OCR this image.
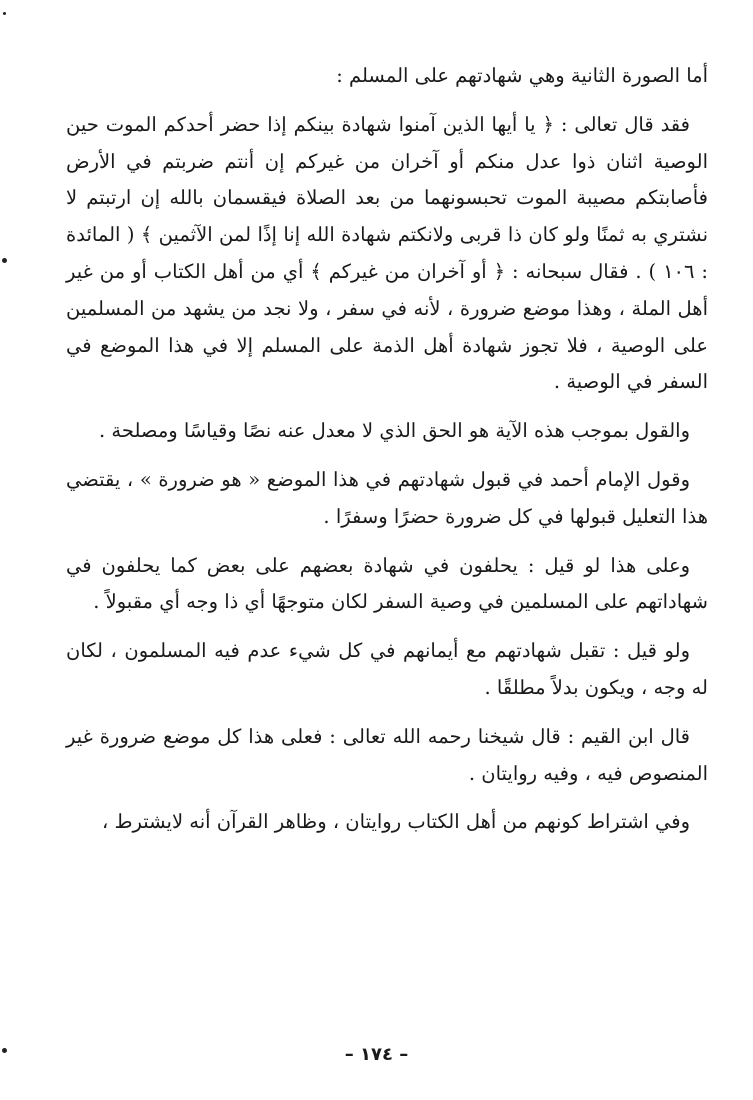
أما الصورة الثانية وهي شهادتهم على المسلم :

فقد قال تعالى : ﴿ يا أيها الذين آمنوا شهادة بينكم إذا حضر أحدكم الموت حين الوصية اثنان ذوا عدل منكم أو آخران من غيركم إن أنتم ضربتم في الأرض فأصابتكم مصيبة الموت تحبسونهما من بعد الصلاة فيقسمان بالله إن ارتبتم لا نشتري به ثمنًا ولو كان ذا قربى ولانكتم شهادة الله إنا إذًا لمن الآثمين ﴾ ( المائدة : ١٠٦ ) . فقال سبحانه : ﴿ أو آخران من غيركم ﴾ أي من أهل الكتاب أو من غير أهل الملة ، وهذا موضع ضرورة ، لأنه في سفر ، ولا نجد من يشهد من المسلمين على الوصية ، فلا تجوز شهادة أهل الذمة على المسلم إلا في هذا الموضع في السفر في الوصية .

والقول بموجب هذه الآية هو الحق الذي لا معدل عنه نصًا وقياسًا ومصلحة .

وقول الإمام أحمد في قبول شهادتهم في هذا الموضع « هو ضرورة » ، يقتضي هذا التعليل قبولها في كل ضرورة حضرًا وسفرًا .

وعلى هذا لو قيل : يحلفون في شهادة بعضهم على بعض كما يحلفون في شهاداتهم على المسلمين في وصية السفر لكان متوجهًا أي ذا وجه أي مقبولاً .

ولو قيل : تقبل شهادتهم مع أيمانهم في كل شيء عدم فيه المسلمون ، لكان له وجه ، ويكون بدلاً مطلقًا .

قال ابن القيم : قال شيخنا رحمه الله تعالى : فعلى هذا كل موضع ضرورة غير المنصوص فيه ، وفيه روايتان .

وفي اشتراط كونهم من أهل الكتاب روايتان ، وظاهر القرآن أنه لايشترط ،

– ١٧٤ –
